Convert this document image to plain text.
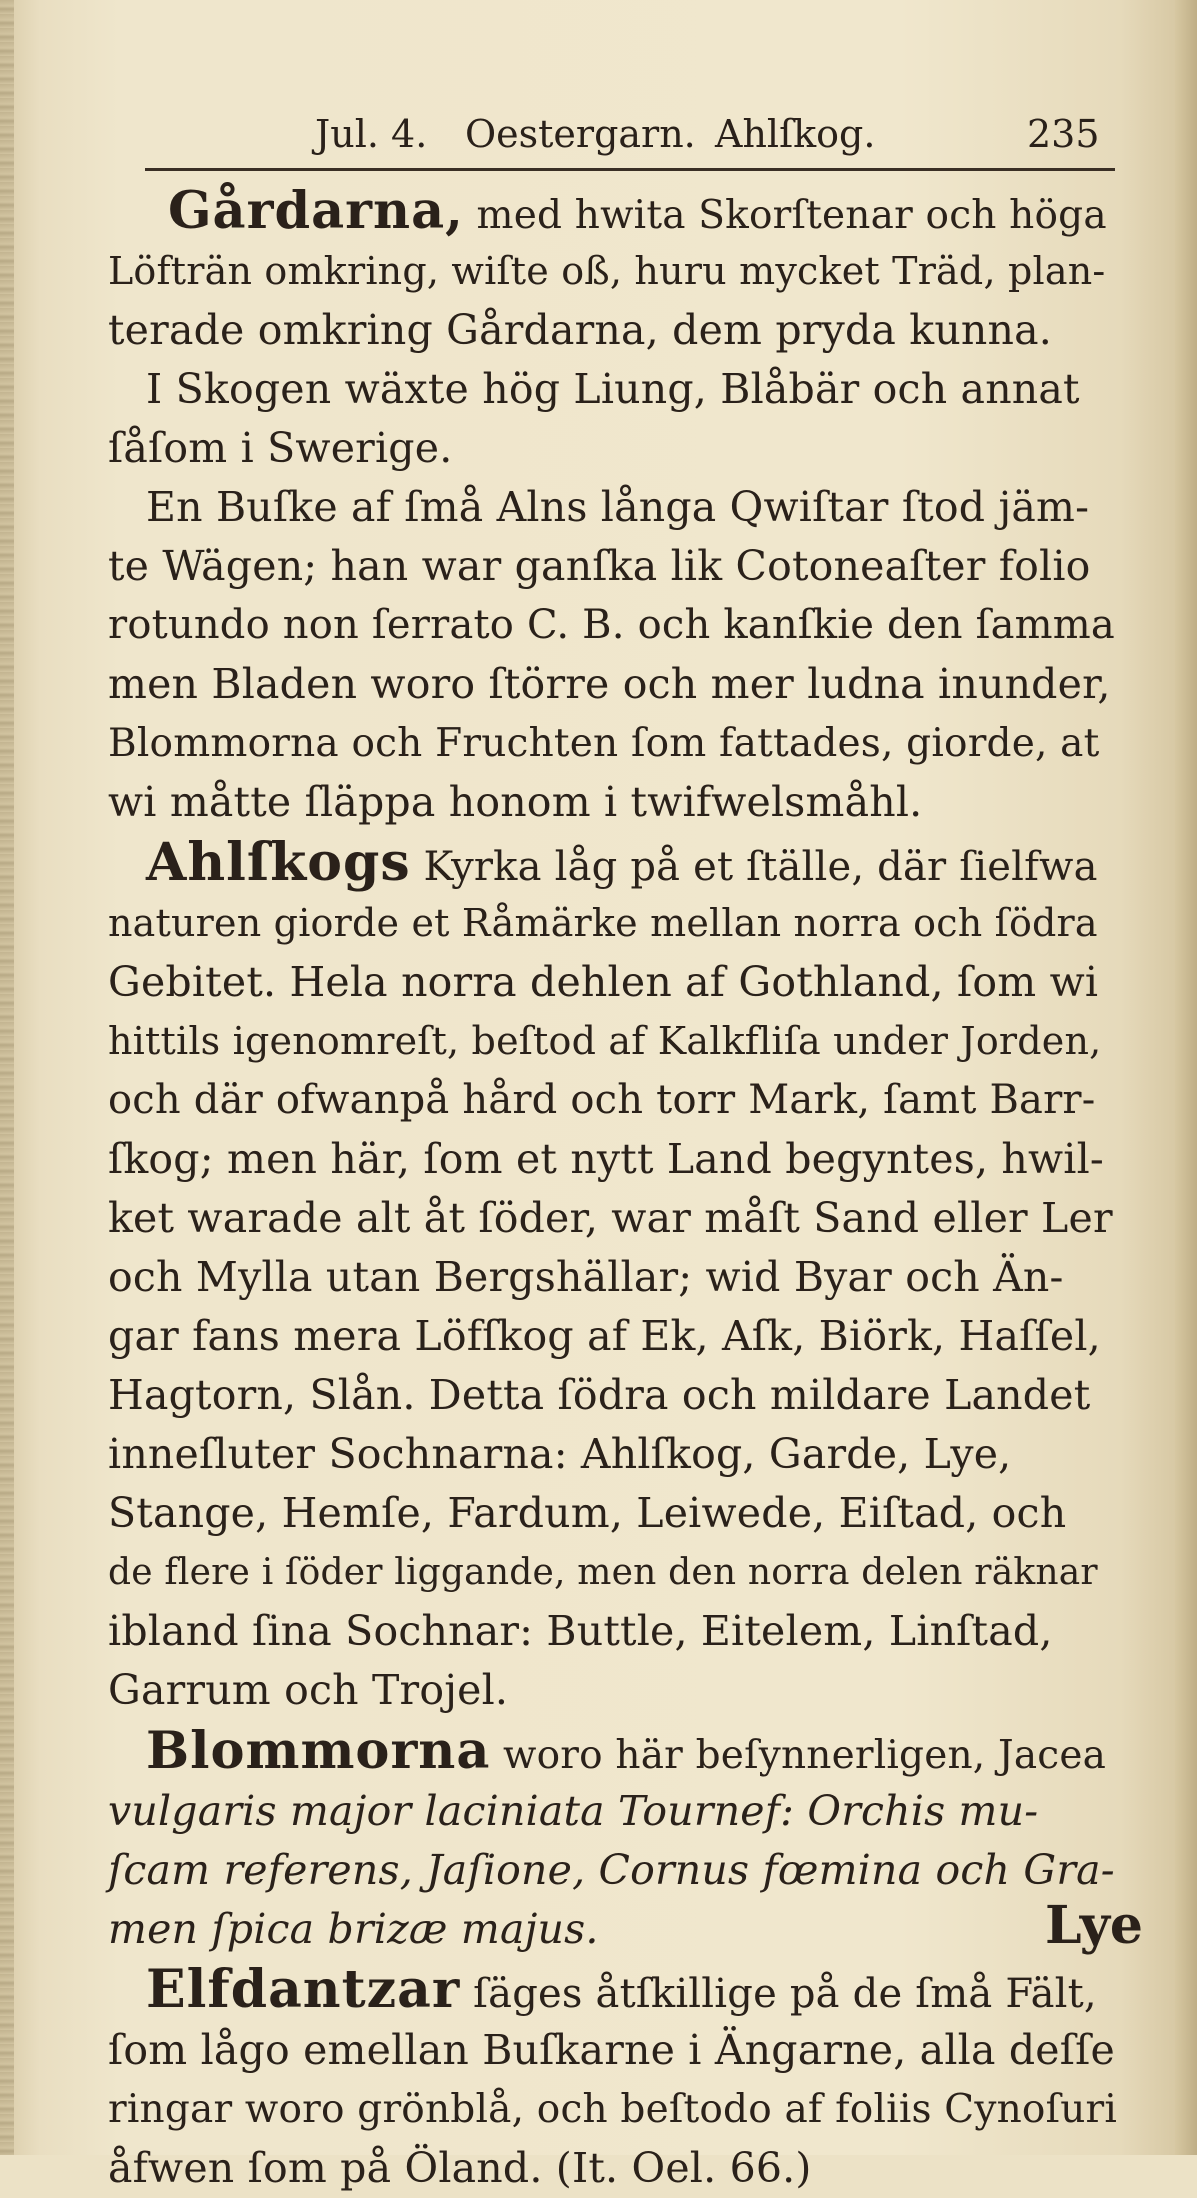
Jul. 4. Oestergarn. Ahlſkog.	235
Gårdarna, med hwita Skorſtenar och höga
Löfträn omkring, wiſte oß, huru mycket Träd, plan-
terade omkring Gårdarna, dem pryda kunna.
I Skogen wäxte hög Liung, Blåbär och annat
ſåſom i Swerige.
En Buſke af ſmå Alns långa Qwiſtar ſtod jäm-
te Wägen; han war ganſka lik Cotoneaſter folio
rotundo non ſerrato C. B. och kanſkie den ſamma
men Bladen woro ſtörre och mer ludna inunder,
Blommorna och Fruchten ſom fattades, giorde, at
wi måtte ſläppa honom i twifwelsmåhl.
Ahlſkogs Kyrka låg på et ſtälle, där ſielfwa
naturen giorde et Råmärke mellan norra och ſödra
Gebitet. Hela norra dehlen af Gothland, ſom wi
hittils igenomreſt, beſtod af Kalkfliſa under Jorden,
och där ofwanpå hård och torr Mark, ſamt Barr-
ſkog; men här, ſom et nytt Land begyntes, hwil-
ket warade alt åt ſöder, war måſt Sand eller Ler
och Mylla utan Bergshällar; wid Byar och Än-
gar fans mera Löfſkog af Ek, Aſk, Biörk, Haſſel,
Hagtorn, Slån. Detta ſödra och mildare Landet
inneſluter Sochnarna: Ahlſkog, Garde, Lye,
Stange, Hemſe, Fardum, Leiwede, Eiſtad, och
de flere i ſöder liggande, men den norra delen räknar
ibland ſina Sochnar: Buttle, Eitelem, Linſtad,
Garrum och Trojel.
Blommorna woro här beſynnerligen, Jacea
vulgaris major laciniata Tournef: Orchis mu-
ſcam referens, Jaſione, Cornus fœmina och Gra-
men ſpica brizæ majus.
Elfdantzar ſäges åtſkillige på de ſmå Fält,
ſom lågo emellan Buſkarne i Ängarne, alla deſſe
ringar woro grönblå, och beſtodo af foliis Cynoſuri
åfwen ſom på Öland. (It. Oel. 66.)
Lye
